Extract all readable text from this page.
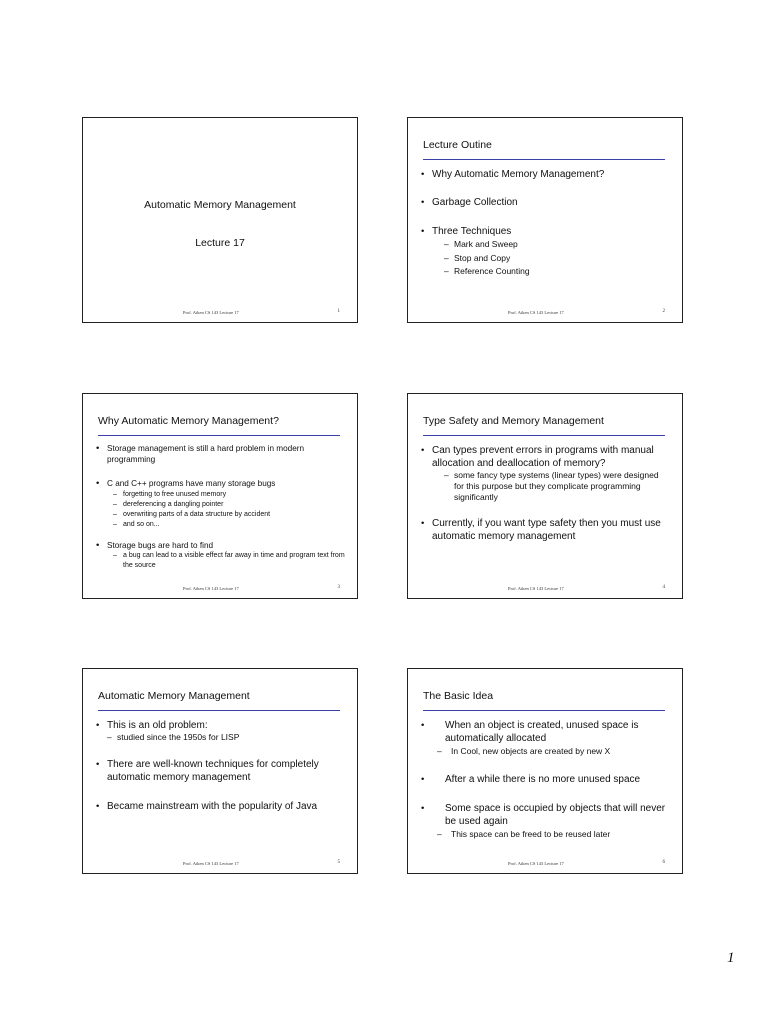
Automatic Memory Management
Lecture 17
Prof. Aiken CS 143 Lecture 17	1
Lecture Outine
• Why Automatic Memory Management?
• Garbage Collection
• Three Techniques
– Mark and Sweep
– Stop and Copy
– Reference Counting
Prof. Aiken CS 143 Lecture 17	2
Why Automatic Memory Management?
• Storage management is still a hard problem in modern programming
• C and C++ programs have many storage bugs
– forgetting to free unused memory
– dereferencing a dangling pointer
– overwriting parts of a data structure by accident
– and so on...
• Storage bugs are hard to find
– a bug can lead to a visible effect far away in time and program text from the source
Prof. Aiken CS 143 Lecture 17	3
Type Safety and Memory Management
• Can types prevent errors in programs with manual allocation and deallocation of memory?
– some fancy type systems (linear types) were designed for this purpose but they complicate programming significantly
• Currently, if you want type safety then you must use automatic memory management
Prof. Aiken CS 143 Lecture 17	4
Automatic Memory Management
• This is an old problem:
– studied since the 1950s for LISP
• There are well-known techniques for completely automatic memory management
• Became mainstream with the popularity of Java
Prof. Aiken CS 143 Lecture 17	5
The Basic Idea
•	When an object is created, unused space is automatically allocated
–	In Cool, new objects are created by new X
•	After a while there is no more unused space
•	Some space is occupied by objects that will never be used again
–	This space can be freed to be reused later
Prof. Aiken CS 143 Lecture 17	6
1
